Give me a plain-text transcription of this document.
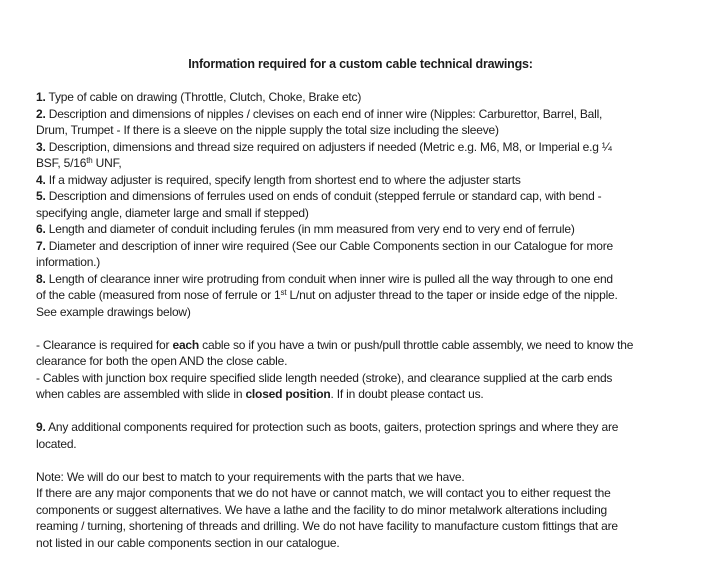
Information required for a custom cable technical drawings:
1. Type of cable on drawing (Throttle, Clutch, Choke, Brake etc)
2. Description and dimensions of nipples / clevises on each end of inner wire (Nipples: Carburettor, Barrel, Ball,
Drum, Trumpet - If there is a sleeve on the nipple supply the total size including the sleeve)
3. Description, dimensions and thread size required on adjusters if needed (Metric e.g. M6, M8, or Imperial e.g ¼
BSF, 5/16th UNF,
4. If a midway adjuster is required, specify length from shortest end to where the adjuster starts
5. Description and dimensions of ferrules used on ends of conduit (stepped ferrule or standard cap, with bend -
specifying angle, diameter large and small if stepped)
6. Length and diameter of conduit including ferules (in mm measured from very end to very end of ferrule)
7. Diameter and description of inner wire required (See our Cable Components section in our Catalogue for more
information.)
8. Length of clearance inner wire protruding from conduit when inner wire is pulled all the way through to one end
of the cable (measured from nose of ferrule or 1st L/nut on adjuster thread to the taper or inside edge of the nipple.
See example drawings below)
- Clearance is required for each cable so if you have a twin or push/pull throttle cable assembly, we need to know the
clearance for both the open AND the close cable.
- Cables with junction box require specified slide length needed (stroke), and clearance supplied at the carb ends
when cables are assembled with slide in closed position. If in doubt please contact us.
9. Any additional components required for protection such as boots, gaiters, protection springs and where they are
located.
Note: We will do our best to match to your requirements with the parts that we have.
If there are any major components that we do not have or cannot match, we will contact you to either request the
components or suggest alternatives. We have a lathe and the facility to do minor metalwork alterations including
reaming / turning, shortening of threads and drilling. We do not have facility to manufacture custom fittings that are
not listed in our cable components section in our catalogue.
